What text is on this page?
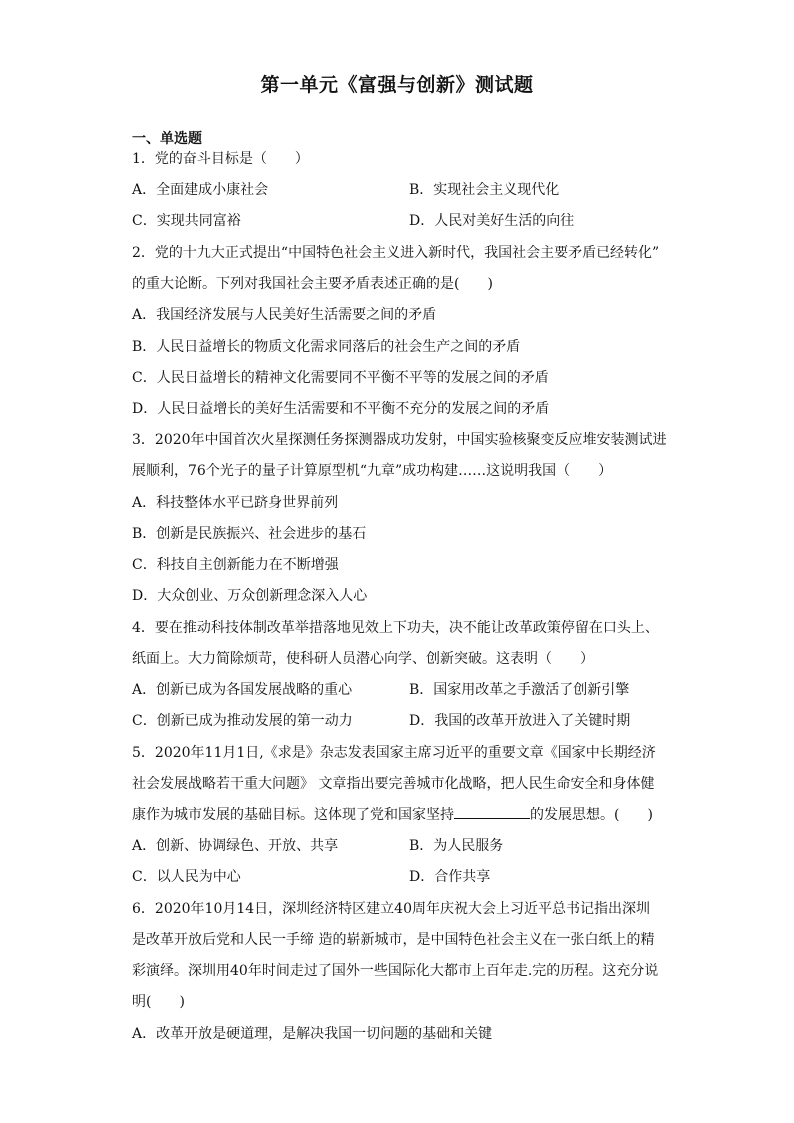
第一单元《富强与创新》测试题
一、单选题
1．党的奋斗目标是（　　）
A．全面建成小康社会	B．实现社会主义现代化
C．实现共同富裕	D．人民对美好生活的向往
2．党的十九大正式提出“中国特色社会主义进入新时代，我国社会主要矛盾已经转化”
的重大论断。下列对我国社会主要矛盾表述正确的是(　　)
A．我国经济发展与人民美好生活需要之间的矛盾
B．人民日益增长的物质文化需求同落后的社会生产之间的矛盾
C．人民日益增长的精神文化需要同不平衡不平等的发展之间的矛盾
D．人民日益增长的美好生活需要和不平衡不充分的发展之间的矛盾
3．2020年中国首次火星探测任务探测器成功发射，中国实验核聚变反应堆安装测试进
展顺利，76个光子的量子计算原型机“九章”成功构建……这说明我国（　　）
A．科技整体水平已跻身世界前列
B．创新是民族振兴、社会进步的基石
C．科技自主创新能力在不断增强
D．大众创业、万众创新理念深入人心
4．要在推动科技体制改革举措落地见效上下功夫，决不能让改革政策停留在口头上、
纸面上。大力简除烦苛，使科研人员潜心向学、创新突破。这表明（　　）
A．创新已成为各国发展战略的重心	B．国家用改革之手激活了创新引擎
C．创新已成为推动发展的第一动力	D．我国的改革开放进入了关键时期
5．2020年11月1日,《求是》杂志发表国家主席习近平的重要文章《国家中长期经济
社会发展战略若干重大问题》 文章指出要完善城市化战略，把人民生命安全和身体健
康作为城市发展的基础目标。这体现了党和国家坚持	的发展思想。(　　)
A．创新、协调绿色、开放、共享	B．为人民服务
C．以人民为中心	D．合作共享
6．2020年10月14日，深圳经济特区建立40周年庆祝大会上习近平总书记指出深圳
是改革开放后党和人民一手缔 造的崭新城市，是中国特色社会主义在一张白纸上的精
彩演绎。深圳用40年时间走过了国外一些国际化大都市上百年走.完的历程。这充分说
明(　　)
A．改革开放是硬道理，是解决我国一切问题的基础和关键
